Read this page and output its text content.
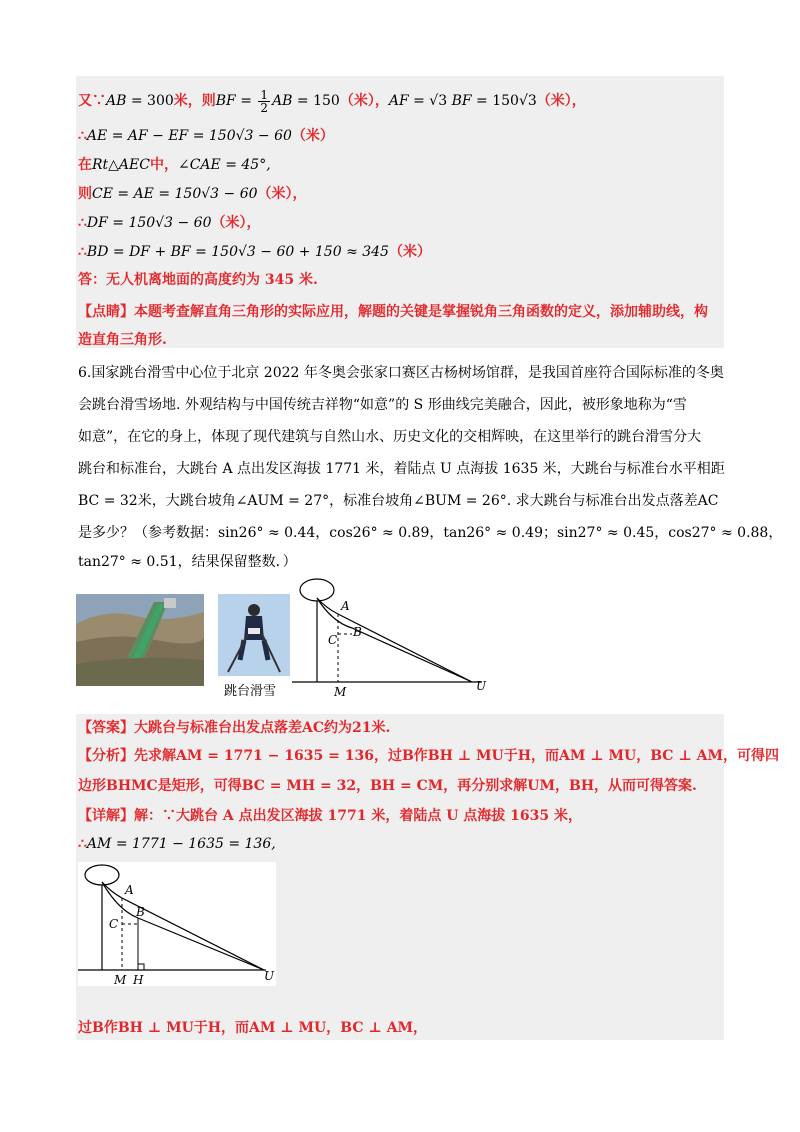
又∵AB = 300米，则BF = $\frac{1}{2}$ AB = 150（米），AF = √3 BF = 150√3（米），
∴AE = AF − EF = 150√3 − 60（米）
在Rt△AEC中，∠CAE = 45°,
则CE = AE = 150√3 − 60（米），
∴DF = 150√3 − 60（米），
∴BD = DF + BF = 150√3 − 60 + 150 ≈ 345（米）
答：无人机离地面的高度约为 345 米.
【点睛】本题考查解直角三角形的实际应用，解题的关键是掌握锐角三角函数的定义，添加辅助线，构
造直角三角形.
6.国家跳台滑雪中心位于北京 2022 年冬奥会张家口赛区古杨树场馆群，是我国首座符合国际标准的冬奥
会跳台滑雪场地. 外观结构与中国传统吉祥物“如意”的 S 形曲线完美融合，因此，被形象地称为“雪
如意”，在它的身上，体现了现代建筑与自然山水、历史文化的交相辉映，在这里举行的跳台滑雪分大
跳台和标准台，大跳台 A 点出发区海拔 1771 米，着陆点 U 点海拔 1635 米，大跳台与标准台水平相距
BC = 32米，大跳台坡角∠AUM = 27°，标准台坡角∠BUM = 26°. 求大跳台与标准台出发点落差AC
是多少？（参考数据：sin26° ≈ 0.44，cos26° ≈ 0.89，tan26° ≈ 0.49；sin27° ≈ 0.45，cos27° ≈ 0.88，
tan27° ≈ 0.51，结果保留整数．）
跳台滑雪
A
B
C
M	U
【答案】大跳台与标准台出发点落差AC约为21米.
【分析】先求解AM = 1771 − 1635 = 136，过B作BH ⊥ MU于H，而AM ⊥ MU，BC ⊥ AM，可得四
边形BHMC是矩形，可得BC = MH = 32，BH = CM，再分别求解UM，BH，从而可得答案.
【详解】解：∵大跳台 A 点出发区海拔 1771 米，着陆点 U 点海拔 1635 米，
∴AM = 1771 − 1635 = 136,
A
B
C
M H	U
过B作BH ⊥ MU于H，而AM ⊥ MU，BC ⊥ AM，
